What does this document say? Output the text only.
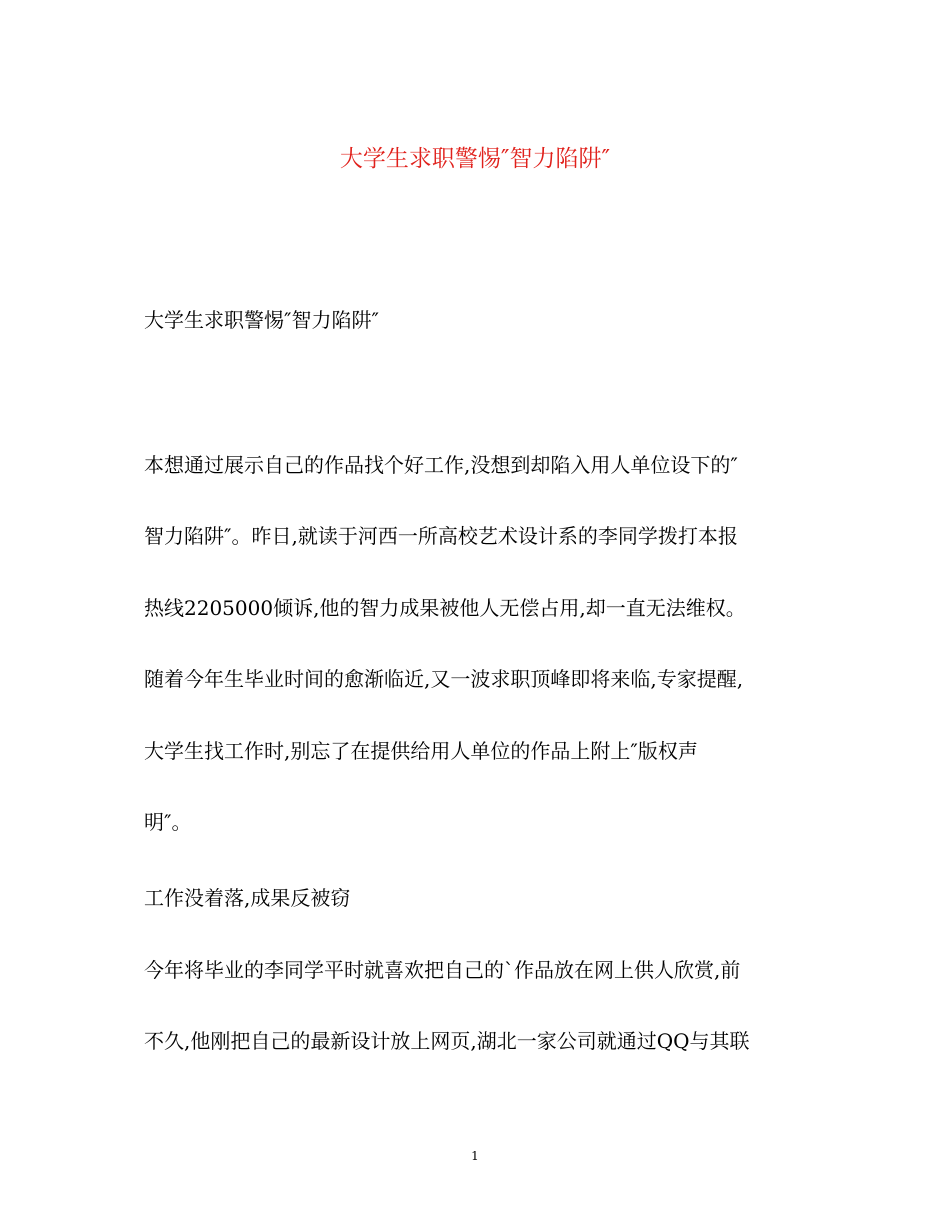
大学生求职警惕″智力陷阱″
大学生求职警惕″智力陷阱″
本想通过展示自己的作品找个好工作,没想到却陷入用人单位设下的″
智力陷阱″。昨日,就读于河西一所高校艺术设计系的李同学拨打本报
热线2205000倾诉,他的智力成果被他人无偿占用,却一直无法维权。
随着今年生毕业时间的愈渐临近,又一波求职顶峰即将来临,专家提醒,
大学生找工作时,别忘了在提供给用人单位的作品上附上″版权声
明″。
工作没着落,成果反被窃
今年将毕业的李同学平时就喜欢把自己的`作品放在网上供人欣赏,前
不久,他刚把自己的最新设计放上网页,湖北一家公司就通过QQ与其联
1
